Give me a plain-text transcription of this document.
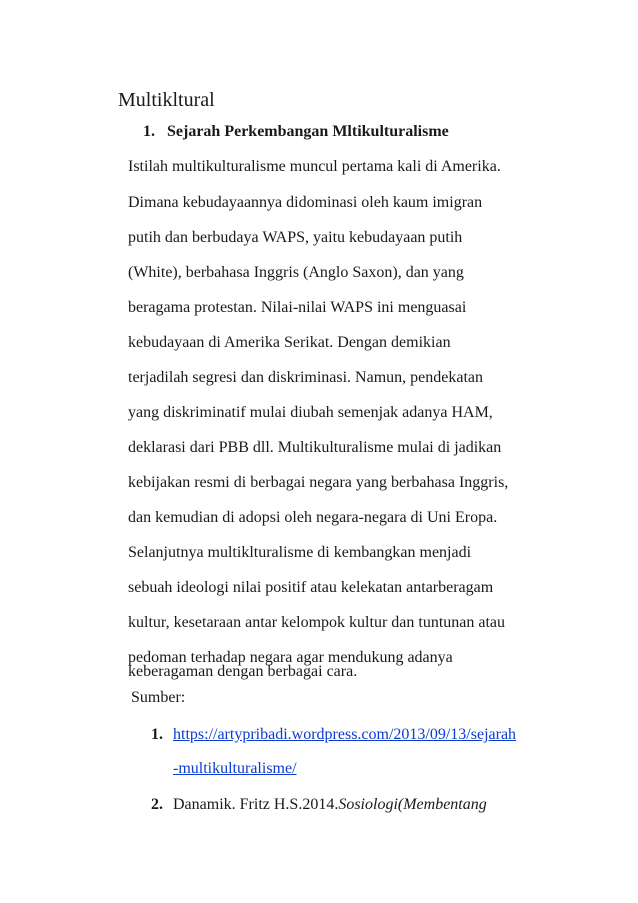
Multikltural
1. Sejarah Perkembangan Mltikulturalisme
Istilah multikulturalisme muncul pertama kali di Amerika.
Dimana kebudayaannya didominasi oleh kaum imigran
putih dan berbudaya WAPS, yaitu kebudayaan putih
(White), berbahasa Inggris (Anglo Saxon), dan yang
beragama protestan. Nilai-nilai WAPS ini menguasai
kebudayaan di Amerika Serikat. Dengan demikian
terjadilah segresi dan diskriminasi. Namun, pendekatan
yang diskriminatif mulai diubah semenjak adanya HAM,
deklarasi dari PBB dll. Multikulturalisme mulai di jadikan
kebijakan resmi di berbagai negara yang berbahasa Inggris,
dan kemudian di adopsi oleh negara-negara di Uni Eropa.
Selanjutnya multiklturalisme di kembangkan menjadi
sebuah ideologi nilai positif atau kelekatan antarberagam
kultur, kesetaraan antar kelompok kultur dan tuntunan atau
pedoman terhadap negara agar mendukung adanya
keberagaman dengan berbagai cara.
Sumber:
1. https://artypribadi.wordpress.com/2013/09/13/sejarah
-multikulturalisme/
2. Danamik. Fritz H.S.2014.Sosiologi(Membentang
